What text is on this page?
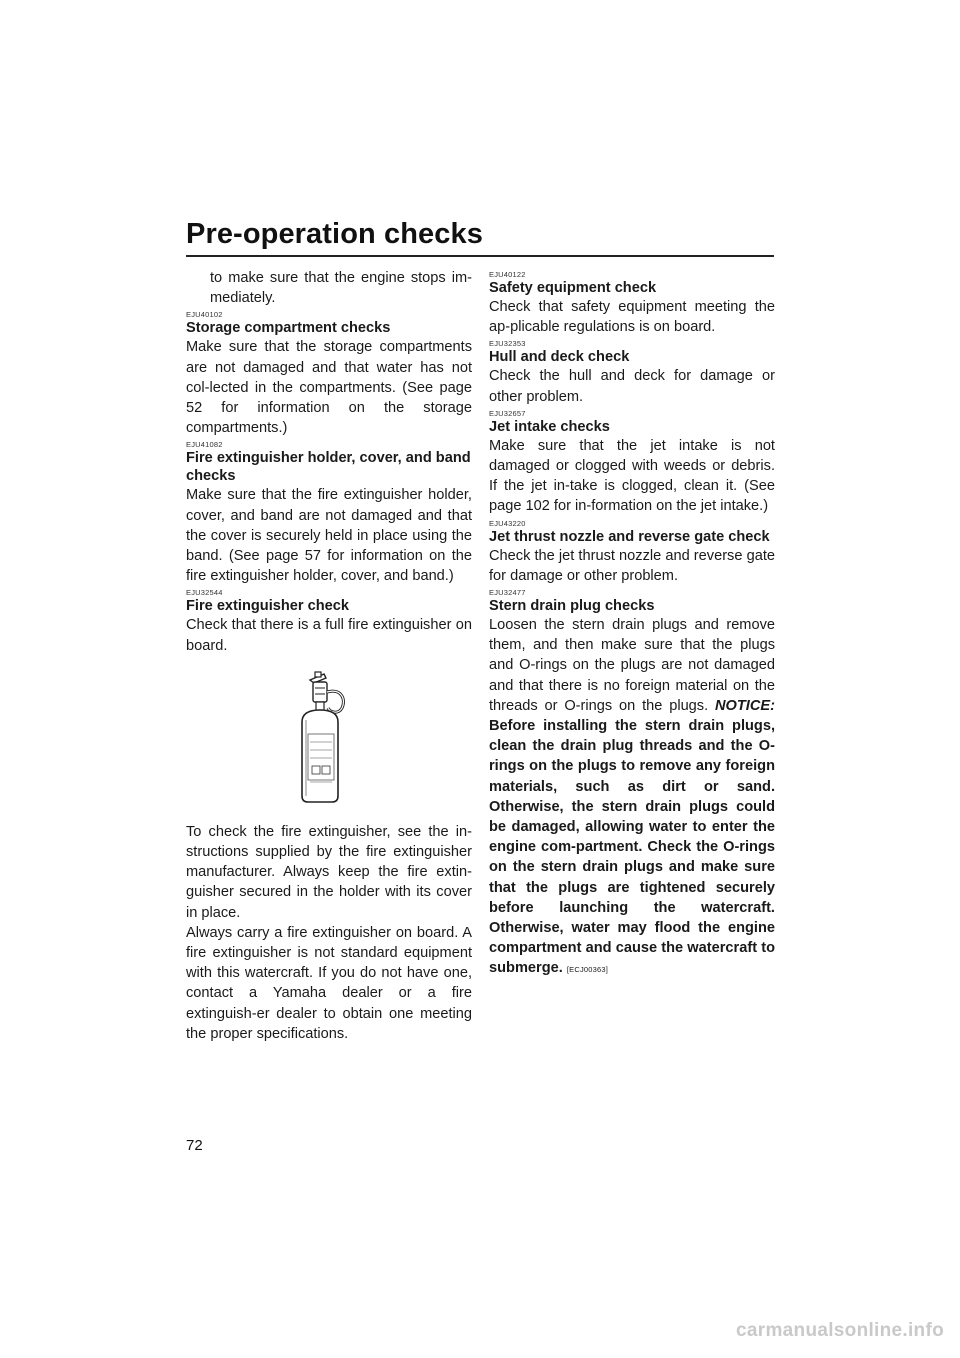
Pre-operation checks

to make sure that the engine stops im-mediately.

EJU40102
Storage compartment checks

Make sure that the storage compartments are not damaged and that water has not col-lected in the compartments. (See page 52 for information on the storage compartments.)

EJU41082
Fire extinguisher holder, cover, and band checks

Make sure that the fire extinguisher holder, cover, and band are not damaged and that the cover is securely held in place using the band. (See page 57 for information on the fire extinguisher holder, cover, and band.)

EJU32544
Fire extinguisher check

Check that there is a full fire extinguisher on board.

To check the fire extinguisher, see the in-structions supplied by the fire extinguisher manufacturer. Always keep the fire extin-guisher secured in the holder with its cover in place.

Always carry a fire extinguisher on board. A fire extinguisher is not standard equipment with this watercraft. If you do not have one, contact a Yamaha dealer or a fire extinguish-er dealer to obtain one meeting the proper specifications.

EJU40122
Safety equipment check

Check that safety equipment meeting the ap-plicable regulations is on board.

EJU32353
Hull and deck check

Check the hull and deck for damage or other problem.

EJU32657
Jet intake checks

Make sure that the jet intake is not damaged or clogged with weeds or debris. If the jet in-take is clogged, clean it. (See page 102 for in-formation on the jet intake.)

EJU43220
Jet thrust nozzle and reverse gate check

Check the jet thrust nozzle and reverse gate for damage or other problem.

EJU32477
Stern drain plug checks

Loosen the stern drain plugs and remove them, and then make sure that the plugs and O-rings on the plugs are not damaged and that there is no foreign material on the threads or O-rings on the plugs. NOTICE: Before installing the stern drain plugs, clean the drain plug threads and the O-rings on the plugs to remove any foreign materials, such as dirt or sand. Otherwise, the stern drain plugs could be damaged, allowing water to enter the engine com-partment. Check the O-rings on the stern drain plugs and make sure that the plugs are tightened securely before launching the watercraft. Otherwise, water may flood the engine compartment and cause the watercraft to submerge. [ECJ00363]

72
carmanualsonline.info
